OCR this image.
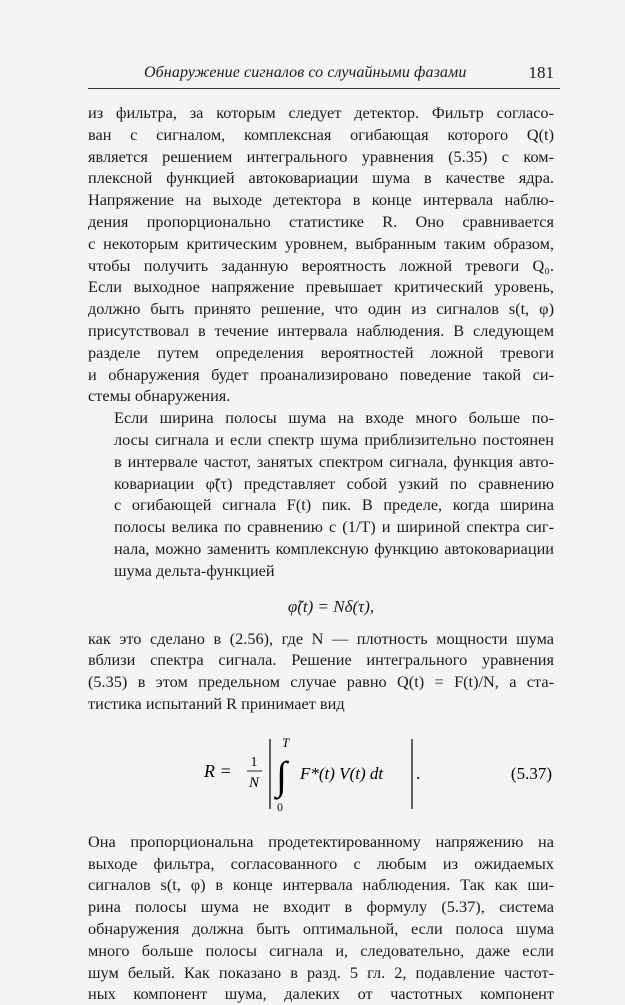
Обнаружение сигналов со случайными фазами	181

из фильтра, за которым следует детектор. Фильтр согласо-
ван с сигналом, комплексная огибающая которого Q(t)
является решением интегрального уравнения (5.35) с ком-
плексной функцией автоковариации шума в качестве ядра.
Напряжение на выходе детектора в конце интервала наблю-
дения пропорционально статистике R. Оно сравнивается
с некоторым критическим уровнем, выбранным таким образом,
чтобы получить заданную вероятность ложной тревоги Q₀.
Если выходное напряжение превышает критический уровень,
должно быть принято решение, что один из сигналов s(t, φ)
присутствовал в течение интервала наблюдения. В следующем
разделе путем определения вероятностей ложной тревоги
и обнаружения будет проанализировано поведение такой си-
стемы обнаружения.

Если ширина полосы шума на входе много больше по-
лосы сигнала и если спектр шума приблизительно постоянен
в интервале частот, занятых спектром сигнала, функция авто-
ковариации φ̃(τ) представляет собой узкий по сравнению
с огибающей сигнала F(t) пик. В пределе, когда ширина
полосы велика по сравнению с (1/T) и шириной спектра сиг-
нала, можно заменить комплексную функцию автоковариации
шума дельта-функцией

φ̃(t) = Nδ(τ),

как это сделано в (2.56), где N — плотность мощности шума
вблизи спектра сигнала. Решение интегрального уравнения
(5.35) в этом предельном случае равно Q(t) = F(t)/N, а ста-
тистика испытаний R принимает вид

R = 1
N
T
∫
0
F*(t) V(t) dt .	(5.37)

Она пропорциональна продетектированному напряжению на
выходе фильтра, согласованного с любым из ожидаемых
сигналов s(t, φ) в конце интервала наблюдения. Так как ши-
рина полосы шума не входит в формулу (5.37), система
обнаружения должна быть оптимальной, если полоса шума
много больше полосы сигнала и, следовательно, даже если
шум белый. Как показано в разд. 5 гл. 2, подавление частот-
ных компонент шума, далеких от частотных компонент
